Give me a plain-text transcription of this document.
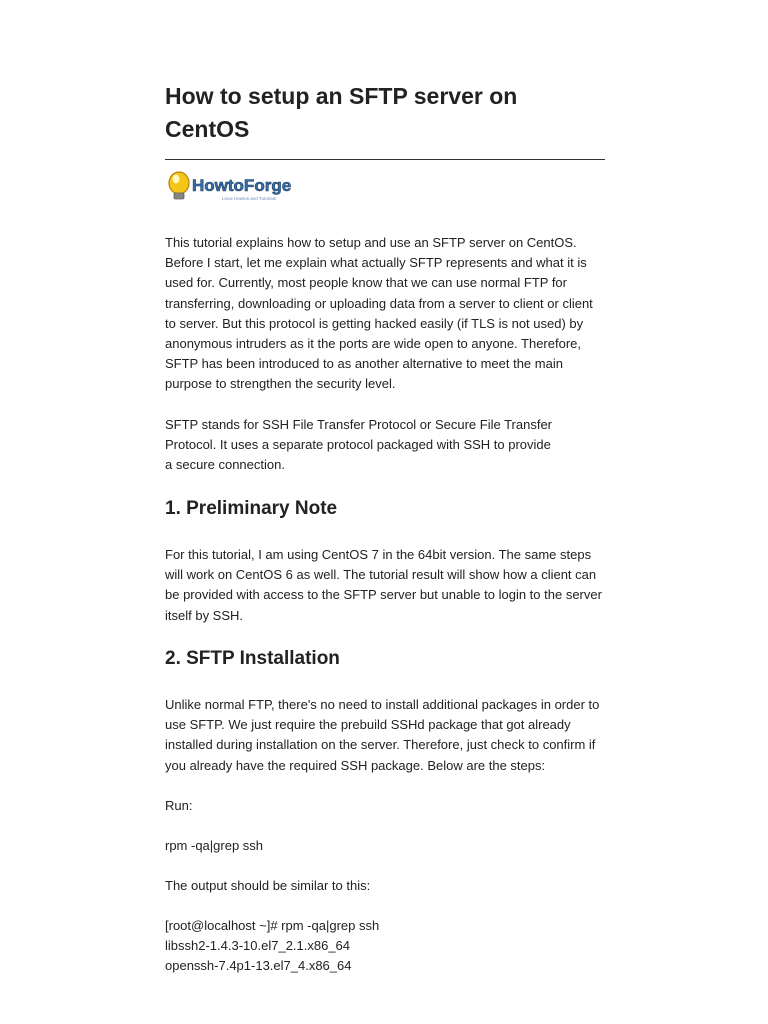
How to setup an SFTP server on CentOS
HowtoForge
Linux Howtos and Tutorials

This tutorial explains how to setup and use an SFTP server on CentOS.
Before I start, let me explain what actually SFTP represents and what it is
used for. Currently, most people know that we can use normal FTP for
transferring, downloading or uploading data from a server to client or client
to server. But this protocol is getting hacked easily (if TLS is not used) by
anonymous intruders as it the ports are wide open to anyone. Therefore,
SFTP has been introduced to as another alternative to meet the main
purpose to strengthen the security level.

SFTP stands for SSH File Transfer Protocol or Secure File Transfer
Protocol. It uses a separate protocol packaged with SSH to provide
a secure connection.

1. Preliminary Note

For this tutorial, I am using CentOS 7 in the 64bit version. The same steps
will work on CentOS 6 as well. The tutorial result will show how a client can
be provided with access to the SFTP server but unable to login to the server
itself by SSH.

2. SFTP Installation

Unlike normal FTP, there's no need to install additional packages in order to
use SFTP. We just require the prebuild SSHd package that got already
installed during installation on the server. Therefore, just check to confirm if
you already have the required SSH package. Below are the steps:

Run:

rpm -qa|grep ssh

The output should be similar to this:

[root@localhost ~]# rpm -qa|grep ssh

libssh2-1.4.3-10.el7_2.1.x86_64

openssh-7.4p1-13.el7_4.x86_64
